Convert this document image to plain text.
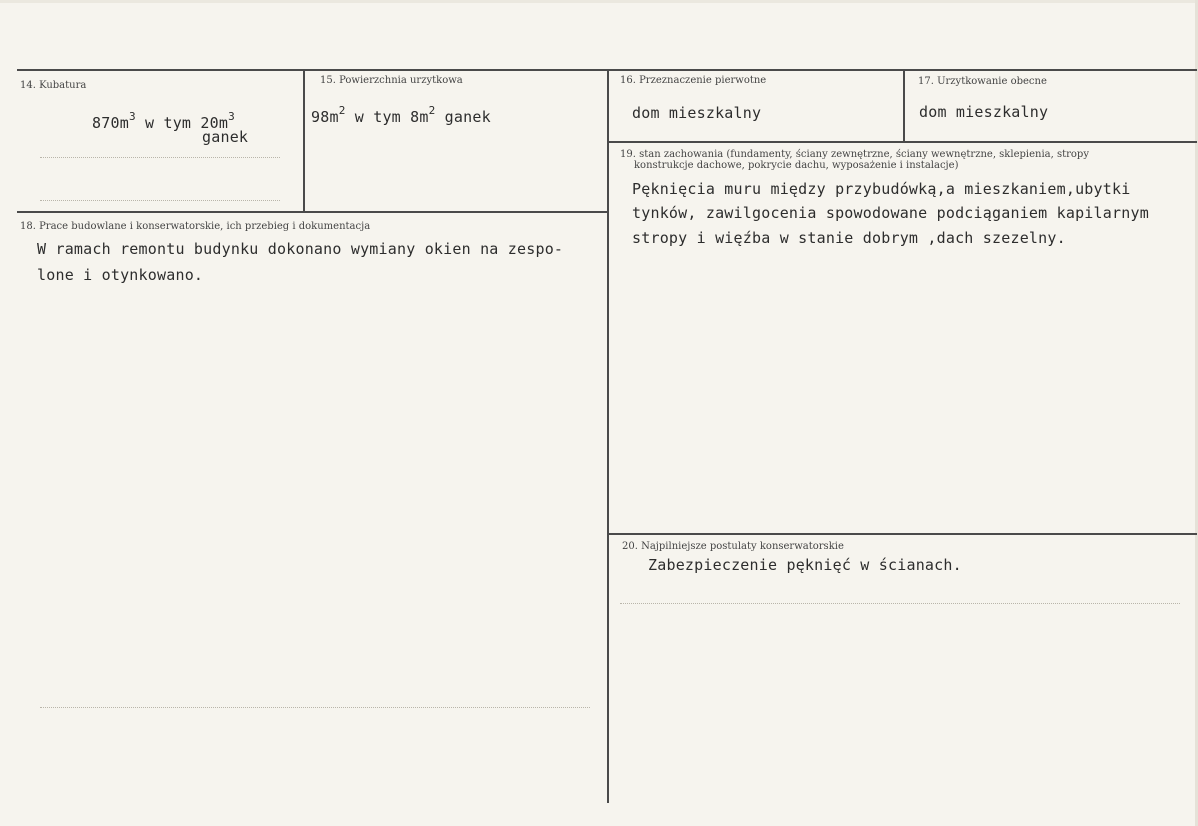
14. Kubatura
$870m^3$ w tym $20m^3$
ganek
15. Powierzchnia urzytkowa
$98m^2$ w tym $8m^2$ ganek
16. Przeznaczenie pierwotne
dom mieszkalny
17. Urzytkowanie obecne
dom mieszkalny
18. Prace budowlane i konserwatorskie, ich przebieg i dokumentacja
W ramach remontu budynku dokonano wymiany okien na zespo-
lone i otynkowano.
19. stan zachowania (fundamenty, ściany zewnętrzne, ściany wewnętrzne, sklepienia, stropy
konstrukcje dachowe, pokrycie dachu, wyposażenie i instalacje)
Pęknięcia muru między przybudówką,a mieszkaniem,ubytki
tynków, zawilgocenia spowodowane podciąganiem kapilarnym
stropy i więźba w stanie dobrym ,dach szezelny.
20. Najpilniejsze postulaty konserwatorskie
Zabezpieczenie pęknięć w ścianach.
